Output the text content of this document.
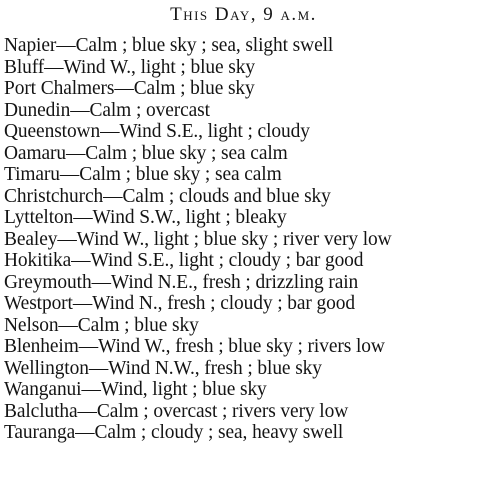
This Day, 9 a.m.
Napier—Calm ; blue sky ; sea, slight swell
Bluff—Wind W., light ; blue sky
Port Chalmers—Calm ; blue sky
Dunedin—Calm ; overcast
Queenstown—Wind S.E., light ; cloudy
Oamaru—Calm ; blue sky ; sea calm
Timaru—Calm ; blue sky ; sea calm
Christchurch—Calm ; clouds and blue sky
Lyttelton—Wind S.W., light ; bleaky
Bealey—Wind W., light ; blue sky ; river very low
Hokitika—Wind S.E., light ; cloudy ; bar good
Greymouth—Wind N.E., fresh ; drizzling rain
Westport—Wind N., fresh ; cloudy ; bar good
Nelson—Calm ; blue sky
Blenheim—Wind W., fresh ; blue sky ; rivers low
Wellington—Wind N.W., fresh ; blue sky
Wanganui—Wind, light ; blue sky
Balclutha—Calm ; overcast ; rivers very low
Tauranga—Calm ; cloudy ; sea, heavy swell
